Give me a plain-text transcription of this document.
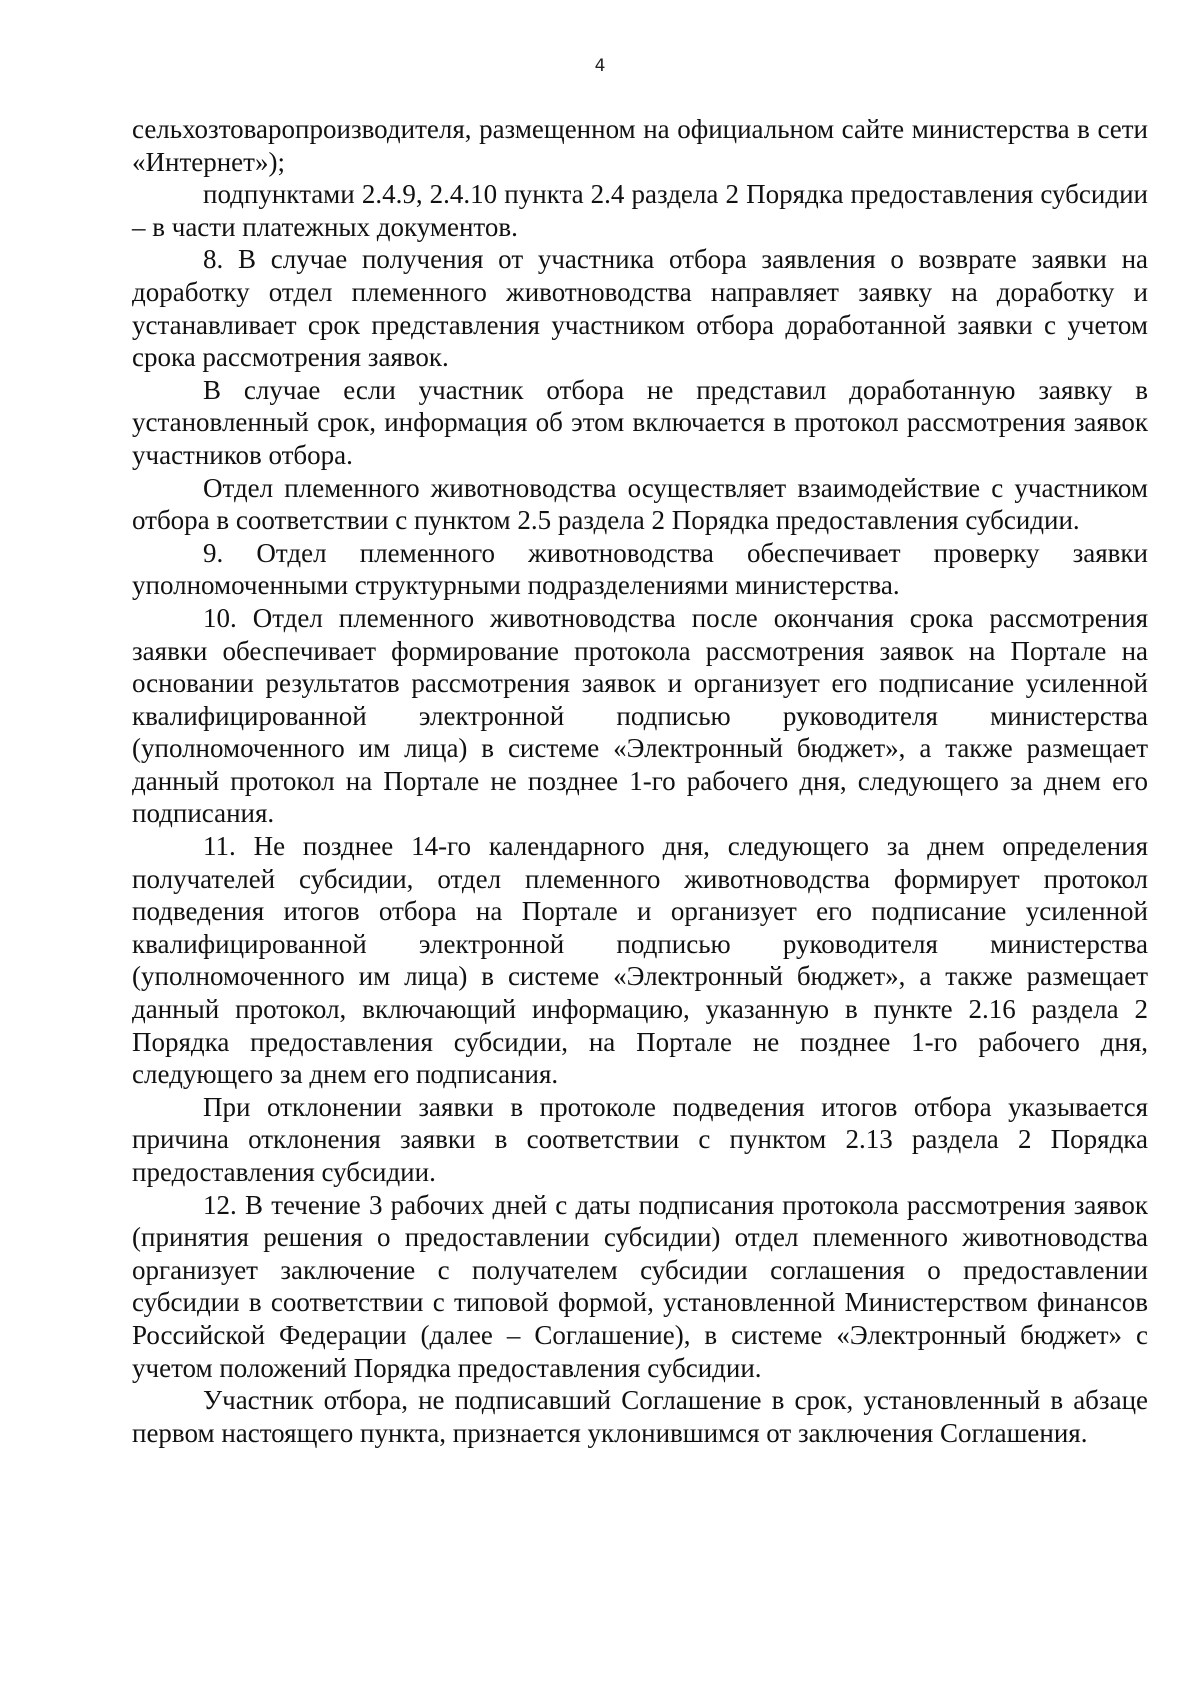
4

сельхозтоваропроизводителя, размещенном на официальном сайте министерства в сети «Интернет»);

подпунктами 2.4.9, 2.4.10 пункта 2.4 раздела 2 Порядка предоставления субсидии – в части платежных документов.

8. В случае получения от участника отбора заявления о возврате заявки на доработку отдел племенного животноводства направляет заявку на доработку и устанавливает срок представления участником отбора доработанной заявки с учетом срока рассмотрения заявок.

В случае если участник отбора не представил доработанную заявку в установленный срок, информация об этом включается в протокол рассмотрения заявок участников отбора.

Отдел племенного животноводства осуществляет взаимодействие с участником отбора в соответствии с пунктом 2.5 раздела 2 Порядка предоставления субсидии.

9. Отдел племенного животноводства обеспечивает проверку заявки уполномоченными структурными подразделениями министерства.

10. Отдел племенного животноводства после окончания срока рассмотрения заявки обеспечивает формирование протокола рассмотрения заявок на Портале на основании результатов рассмотрения заявок и организует его подписание усиленной квалифицированной электронной подписью руководителя министерства (уполномоченного им лица) в системе «Электронный бюджет», а также размещает данный протокол на Портале не позднее 1-го рабочего дня, следующего за днем его подписания.

11. Не позднее 14-го календарного дня, следующего за днем определения получателей субсидии, отдел племенного животноводства формирует протокол подведения итогов отбора на Портале и организует его подписание усиленной квалифицированной электронной подписью руководителя министерства (уполномоченного им лица) в системе «Электронный бюджет», а также размещает данный протокол, включающий информацию, указанную в пункте 2.16 раздела 2 Порядка предоставления субсидии, на Портале не позднее 1-го рабочего дня, следующего за днем его подписания.

При отклонении заявки в протоколе подведения итогов отбора указывается причина отклонения заявки в соответствии с пунктом 2.13 раздела 2 Порядка предоставления субсидии.

12. В течение 3 рабочих дней с даты подписания протокола рассмотрения заявок (принятия решения о предоставлении субсидии) отдел племенного животноводства организует заключение с получателем субсидии соглашения о предоставлении субсидии в соответствии с типовой формой, установленной Министерством финансов Российской Федерации (далее – Соглашение), в системе «Электронный бюджет» с учетом положений Порядка предоставления субсидии.

Участник отбора, не подписавший Соглашение в срок, установленный в абзаце первом настоящего пункта, признается уклонившимся от заключения Соглашения.
